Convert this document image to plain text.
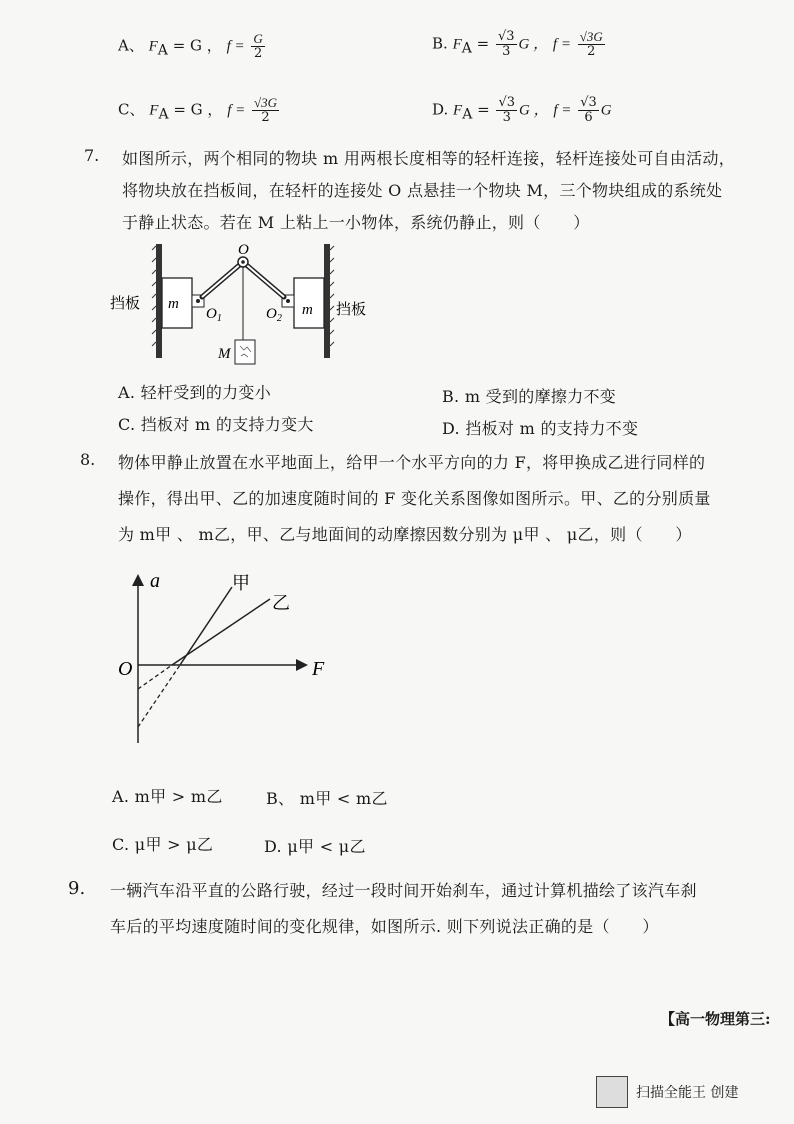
A、 $F_A = G$ ， $f = \frac{G}{2}$	B. $F_A = \frac{√3}{3}$ G ， $f = \frac{√3G}{2}$
C、 $F_A = G$ ， $f = \frac{√3G}{2}$	D. $F_A = \frac{√3}{3}$ G ， $f = \frac{√3}{6}$ G
7. 如图所示，两个相同的物块 m 用两根长度相等的轻杆连接，轻杆连接处可自由活动，
将物块放在挡板间，在轻杆的连接处 O 点悬挂一个物块 M，三个物块组成的系统处
于静止状态。若在 M 上粘上一小物体，系统仍静止，则（　　）
挡板	挡板
m	m
O
$O_1$	$O_2$
M
A. 轻杆受到的力变小	B. m 受到的摩擦力不变
C. 挡板对 m 的支持力变大	D. 挡板对 m 的支持力不变
8. 物体甲静止放置在水平地面上，给甲一个水平方向的力 F，将甲换成乙进行同样的
操作，得出甲、乙的加速度随时间的 F 变化关系图像如图所示。甲、乙的分别质量
为 m甲 、 m乙，甲、乙与地面间的动摩擦因数分别为 μ甲 、 μ乙，则（　　）
a
F
O
甲
乙
A. m甲 > m乙	B、 m甲 < m乙
C. μ甲 > μ乙	D. μ甲 < μ乙
9. 一辆汽车沿平直的公路行驶，经过一段时间开始刹车，通过计算机描绘了该汽车刹
车后的平均速度随时间的变化规律，如图所示. 则下列说法正确的是（　　）
【高一物理第三:
扫描全能王 创建
